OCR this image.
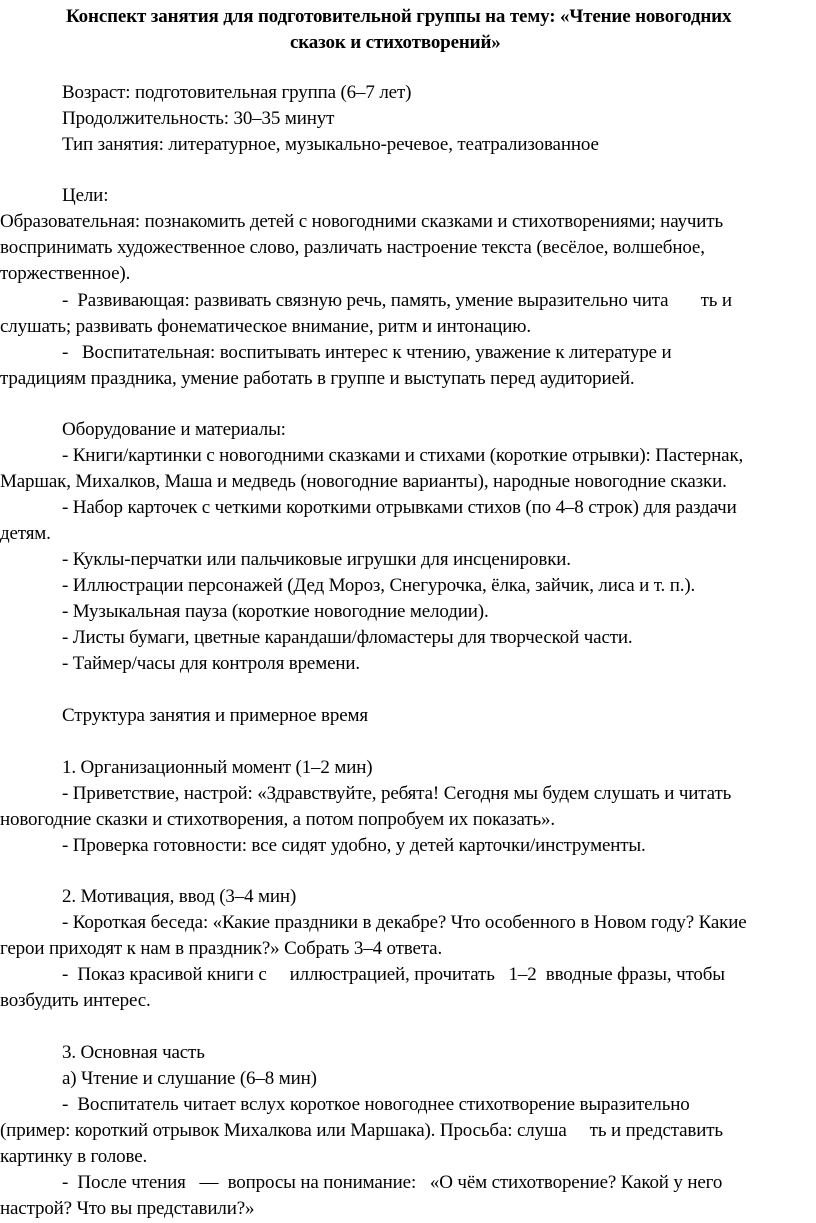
Конспект занятия для подготовительной группы на тему: «Чтение новогодних
сказок и стихотворений»
Возраст: подготовительная группа (6–7 лет)
Продолжительность: 30–35 минут
Тип занятия: литературное, музыкально-речевое, театрализованное
Цели:
Образовательная: познакомить детей с новогодними сказками и стихотворениями; научить
воспринимать художественное слово, различать настроение текста (весёлое, волшебное,
торжественное).
-  Развивающая: развивать связную речь, память, умение выразительно чита       ть и
слушать; развивать фонематическое внимание, ритм и интонацию.
-   Воспитательная: воспитывать интерес к чтению, уважение к литературе и
традициям праздника, умение работать в группе и выступать перед аудиторией.
Оборудование и материалы:
- Книги/картинки с новогодними сказками и стихами (короткие отрывки): Пастернак,
Маршак, Михалков, Маша и медведь (новогодние варианты), народные новогодние сказки.
- Набор карточек с четкими короткими отрывками стихов (по 4–8 строк) для раздачи
детям.
- Куклы-перчатки или пальчиковые игрушки для инсценировки.
- Иллюстрации персонажей (Дед Мороз, Снегурочка, ёлка, зайчик, лиса и т. п.).
- Музыкальная пауза (короткие новогодние мелодии).
- Листы бумаги, цветные карандаши/фломастеры для творческой части.
- Таймер/часы для контроля времени.
Структура занятия и примерное время
1. Организационный момент (1–2 мин)
- Приветствие, настрой: «Здравствуйте, ребята! Сегодня мы будем слушать и читать
новогодние сказки и стихотворения, а потом попробуем их показать».
- Проверка готовности: все сидят удобно, у детей карточки/инструменты.
2. Мотивация, ввод (3–4 мин)
- Короткая беседа: «Какие праздники в декабре? Что особенного в Новом году? Какие
герои приходят к нам в праздник?» Собрать 3–4 ответа.
-  Показ красивой книги с     иллюстрацией, прочитать   1–2  вводные фразы, чтобы
возбудить интерес.
3. Основная часть
а) Чтение и слушание (6–8 мин)
-  Воспитатель читает вслух короткое новогоднее стихотворение выразительно
(пример: короткий отрывок Михалкова или Маршака). Просьба: слуша     ть и представить
картинку в голове.
-  После чтения   —  вопросы на понимание:   «О чём стихотворение? Какой у него
настрой? Что вы представили?»
